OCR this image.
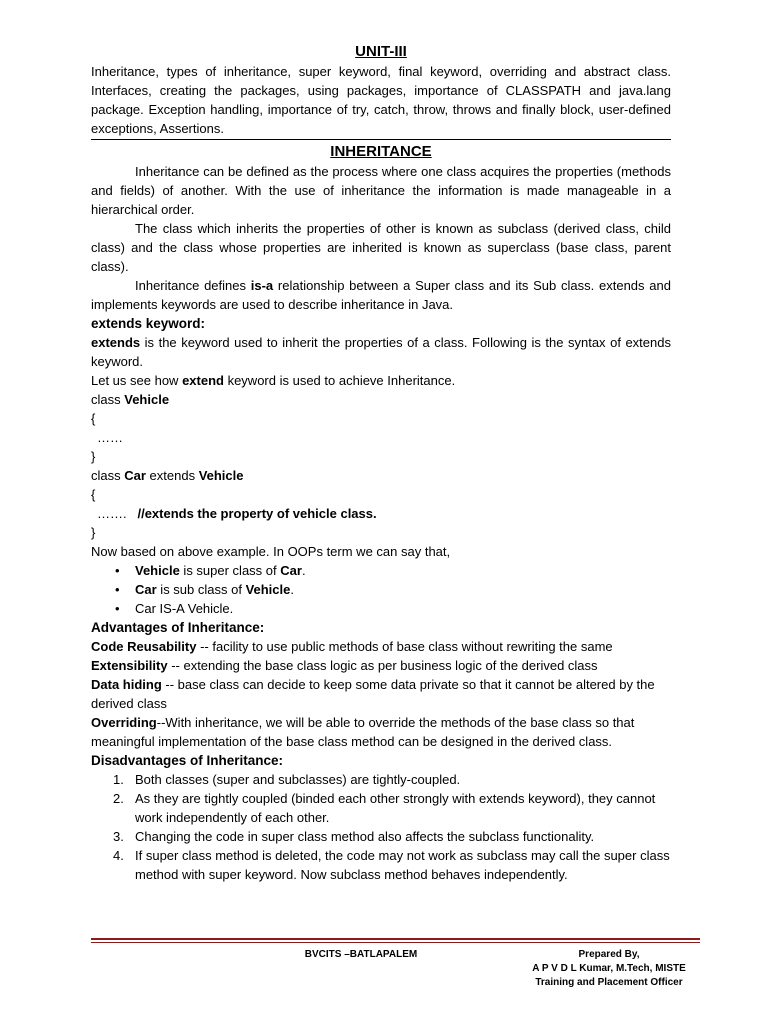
UNIT-III

Inheritance, types of inheritance, super keyword, final keyword, overriding and abstract class. Interfaces, creating the packages, using packages, importance of CLASSPATH and java.lang package. Exception handling, importance of try, catch, throw, throws and finally block, user-defined exceptions, Assertions.

INHERITANCE

Inheritance can be defined as the process where one class acquires the properties (methods and fields) of another. With the use of inheritance the information is made manageable in a hierarchical order.

The class which inherits the properties of other is known as subclass (derived class, child class) and the class whose properties are inherited is known as superclass (base class, parent class).

Inheritance defines is-a relationship between a Super class and its Sub class. extends and implements keywords are used to describe inheritance in Java.

extends keyword:

extends is the keyword used to inherit the properties of a class. Following is the syntax of extends keyword.

Let us see how extend keyword is used to achieve Inheritance.

class Vehicle

{

……

}

class Car extends Vehicle

{

……. //extends the property of vehicle class.

}

Now based on above example. In OOPs term we can say that,

• Vehicle is super class of Car.
• Car is sub class of Vehicle.
• Car IS-A Vehicle.

Advantages of Inheritance:

Code Reusability -- facility to use public methods of base class without rewriting the same

Extensibility -- extending the base class logic as per business logic of the derived class

Data hiding -- base class can decide to keep some data private so that it cannot be altered by the derived class

Overriding--With inheritance, we will be able to override the methods of the base class so that meaningful implementation of the base class method can be designed in the derived class.

Disadvantages of Inheritance:

1. Both classes (super and subclasses) are tightly-coupled.
2. As they are tightly coupled (binded each other strongly with extends keyword), they cannot work independently of each other.
3. Changing the code in super class method also affects the subclass functionality.
4. If super class method is deleted, the code may not work as subclass may call the super class method with super keyword. Now subclass method behaves independently.
BVCITS –BATLAPALEM	Prepared By,
A P V D L Kumar, M.Tech, MISTE
Training and Placement Officer
